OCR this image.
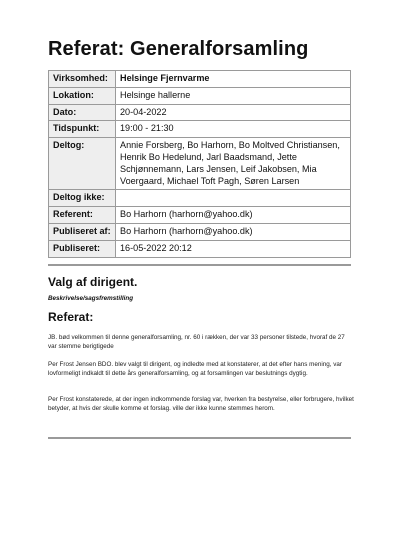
Referat: Generalforsamling
Virksomhed:	Helsinge Fjernvarme
Lokation:	Helsinge hallerne
Dato:	20-04-2022
Tidspunkt:	19:00 - 21:30
Deltog:	Annie Forsberg, Bo Harhorn, Bo Moltved Christiansen, Henrik Bo Hedelund, Jarl Baadsmand, Jette Schjønnemann, Lars Jensen, Leif Jakobsen, Mia Voergaard, Michael Toft Pagh, Søren Larsen
Deltog ikke:	
Referent:	Bo Harhorn (harhorn@yahoo.dk)
Publiseret af:	Bo Harhorn (harhorn@yahoo.dk)
Publiseret:	16-05-2022 20:12
Valg af dirigent.
Beskrivelse/sagsfremstilling
Referat:
JB. bød velkommen til denne generalforsamling, nr. 60 i rækken, der var 33 personer tilstede, hvoraf de 27 var stemme berigtigede
Per Frost Jensen BDO. blev valgt til dirigent, og indledte med at konstaterer, at det efter hans mening, var lovformeligt indkaldt til dette års generalforsamling, og at forsamlingen var beslutnings dygtig.
Per Frost konstaterede, at der ingen indkommende forslag var, hverken fra bestyrelse, eller forbrugere, hvilket betyder, at hvis der skulle komme et forslag. ville der ikke kunne stemmes herom.
